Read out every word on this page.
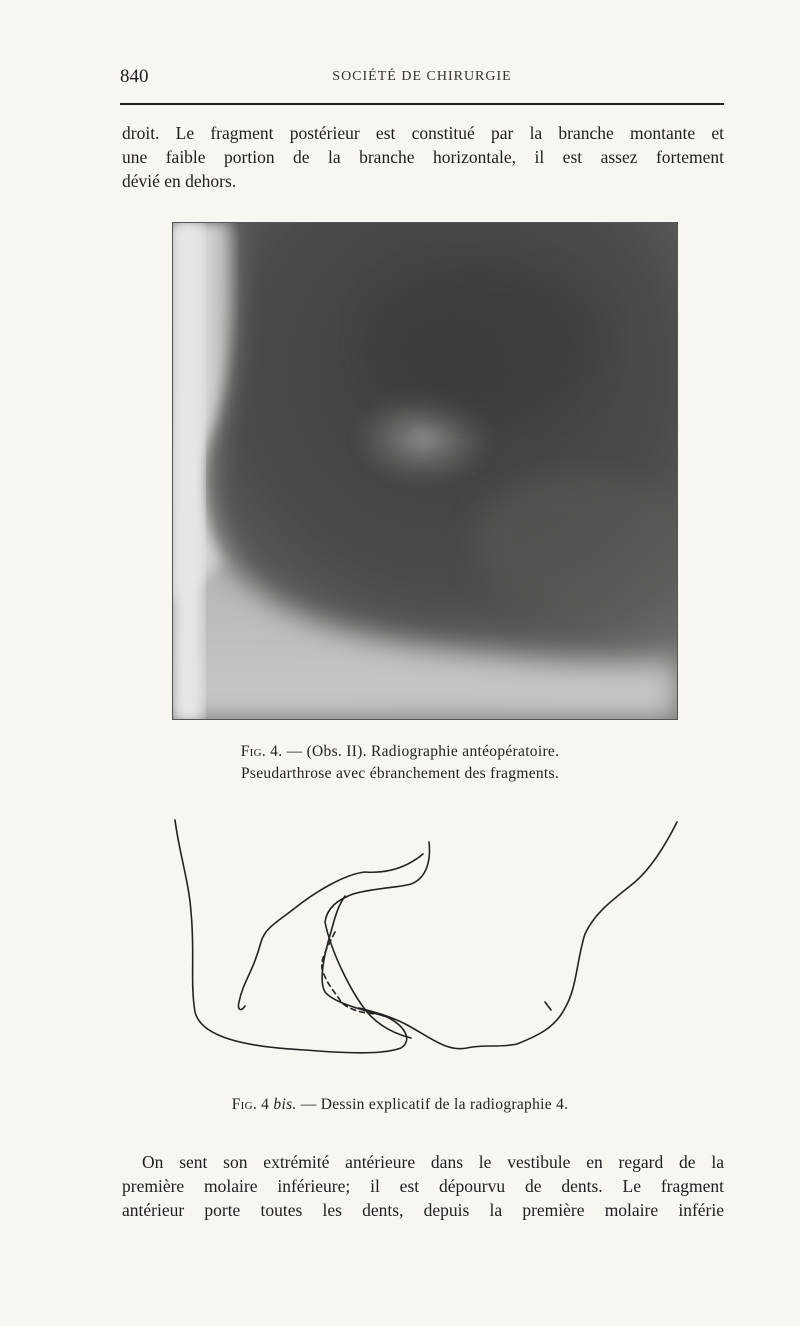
840	SOCIÉTÉ DE CHIRURGIE

droit. Le fragment postérieur est constitué par la branche montante et
une faible portion de la branche horizontale, il est assez fortement
dévié en dehors.

Fig. 4. — (Obs. II). Radiographie antéopératoire.
Pseudarthrose avec ébranchement des fragments.
Fig. 4 bis. — Dessin explicatif de la radiographie 4.

On sent son extrémité antérieure dans le vestibule en regard de la
première molaire inférieure; il est dépourvu de dents. Le fragment
antérieur porte toutes les dents, depuis la première molaire inférie
